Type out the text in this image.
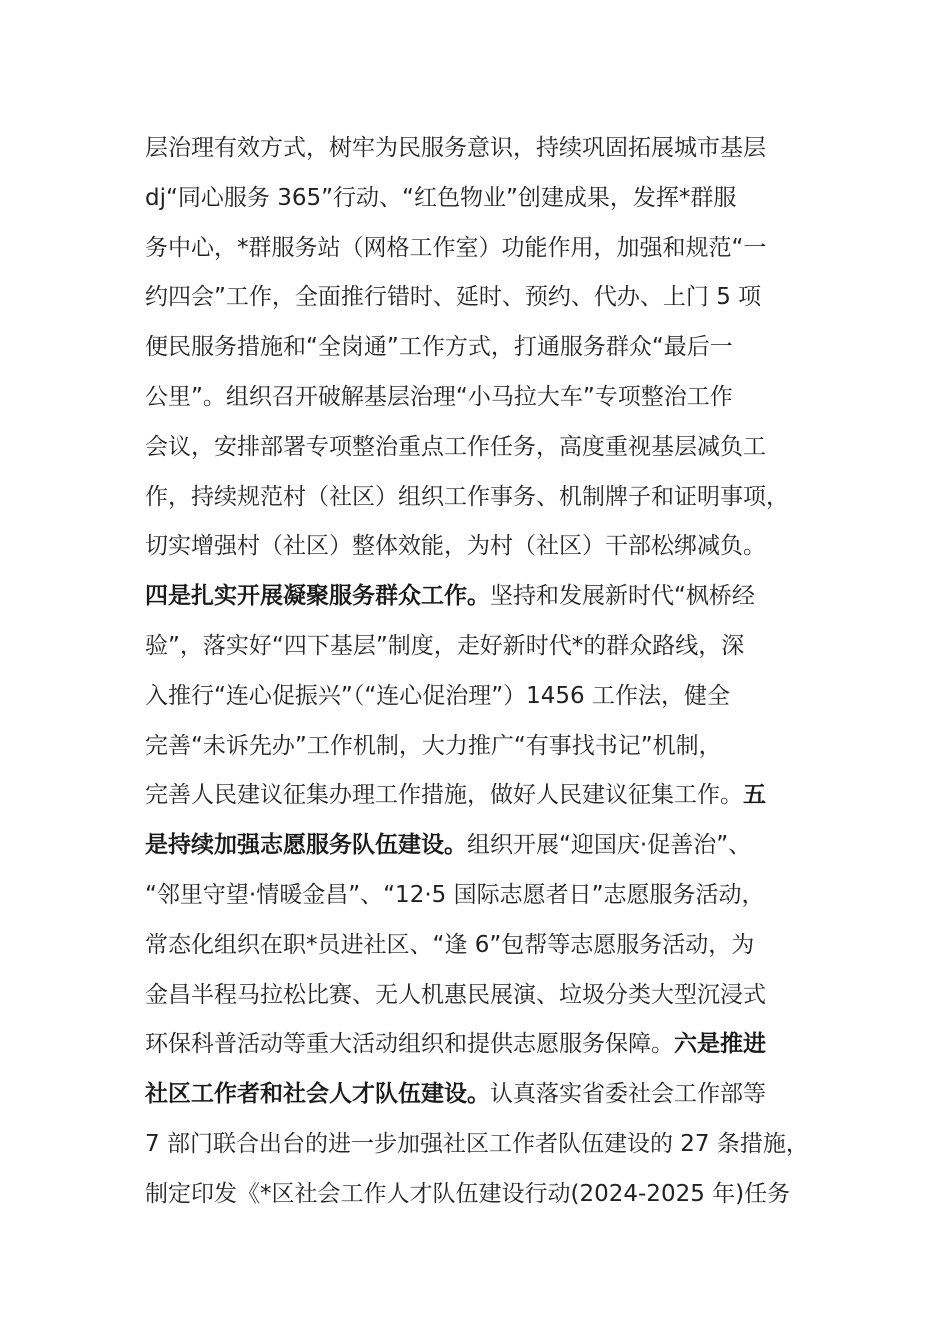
层治理有效方式，树牢为民服务意识，持续巩固拓展城市基层
dj“同心服务 365”行动、“红色物业”创建成果，发挥*群服
务中心，*群服务站（网格工作室）功能作用，加强和规范“一
约四会”工作，全面推行错时、延时、预约、代办、上门 5 项
便民服务措施和“全岗通”工作方式，打通服务群众“最后一
公里”。组织召开破解基层治理“小马拉大车”专项整治工作
会议，安排部署专项整治重点工作任务，高度重视基层减负工
作，持续规范村（社区）组织工作事务、机制牌子和证明事项，
切实增强村（社区）整体效能，为村（社区）干部松绑减负。
四是扎实开展凝聚服务群众工作。坚持和发展新时代“枫桥经
验”，落实好“四下基层”制度，走好新时代*的群众路线，深
入推行“连心促振兴”（“连心促治理”）1456 工作法，健全
完善“未诉先办”工作机制，大力推广“有事找书记”机制，
完善人民建议征集办理工作措施，做好人民建议征集工作。五
是持续加强志愿服务队伍建设。组织开展“迎国庆·促善治”、
“邻里守望·情暖金昌”、“12·5 国际志愿者日”志愿服务活动，
常态化组织在职*员进社区、“逢 6”包帮等志愿服务活动，为
金昌半程马拉松比赛、无人机惠民展演、垃圾分类大型沉浸式
环保科普活动等重大活动组织和提供志愿服务保障。六是推进
社区工作者和社会人才队伍建设。认真落实省委社会工作部等
7 部门联合出台的进一步加强社区工作者队伍建设的 27 条措施，
制定印发《*区社会工作人才队伍建设行动(2024-2025 年)任务
